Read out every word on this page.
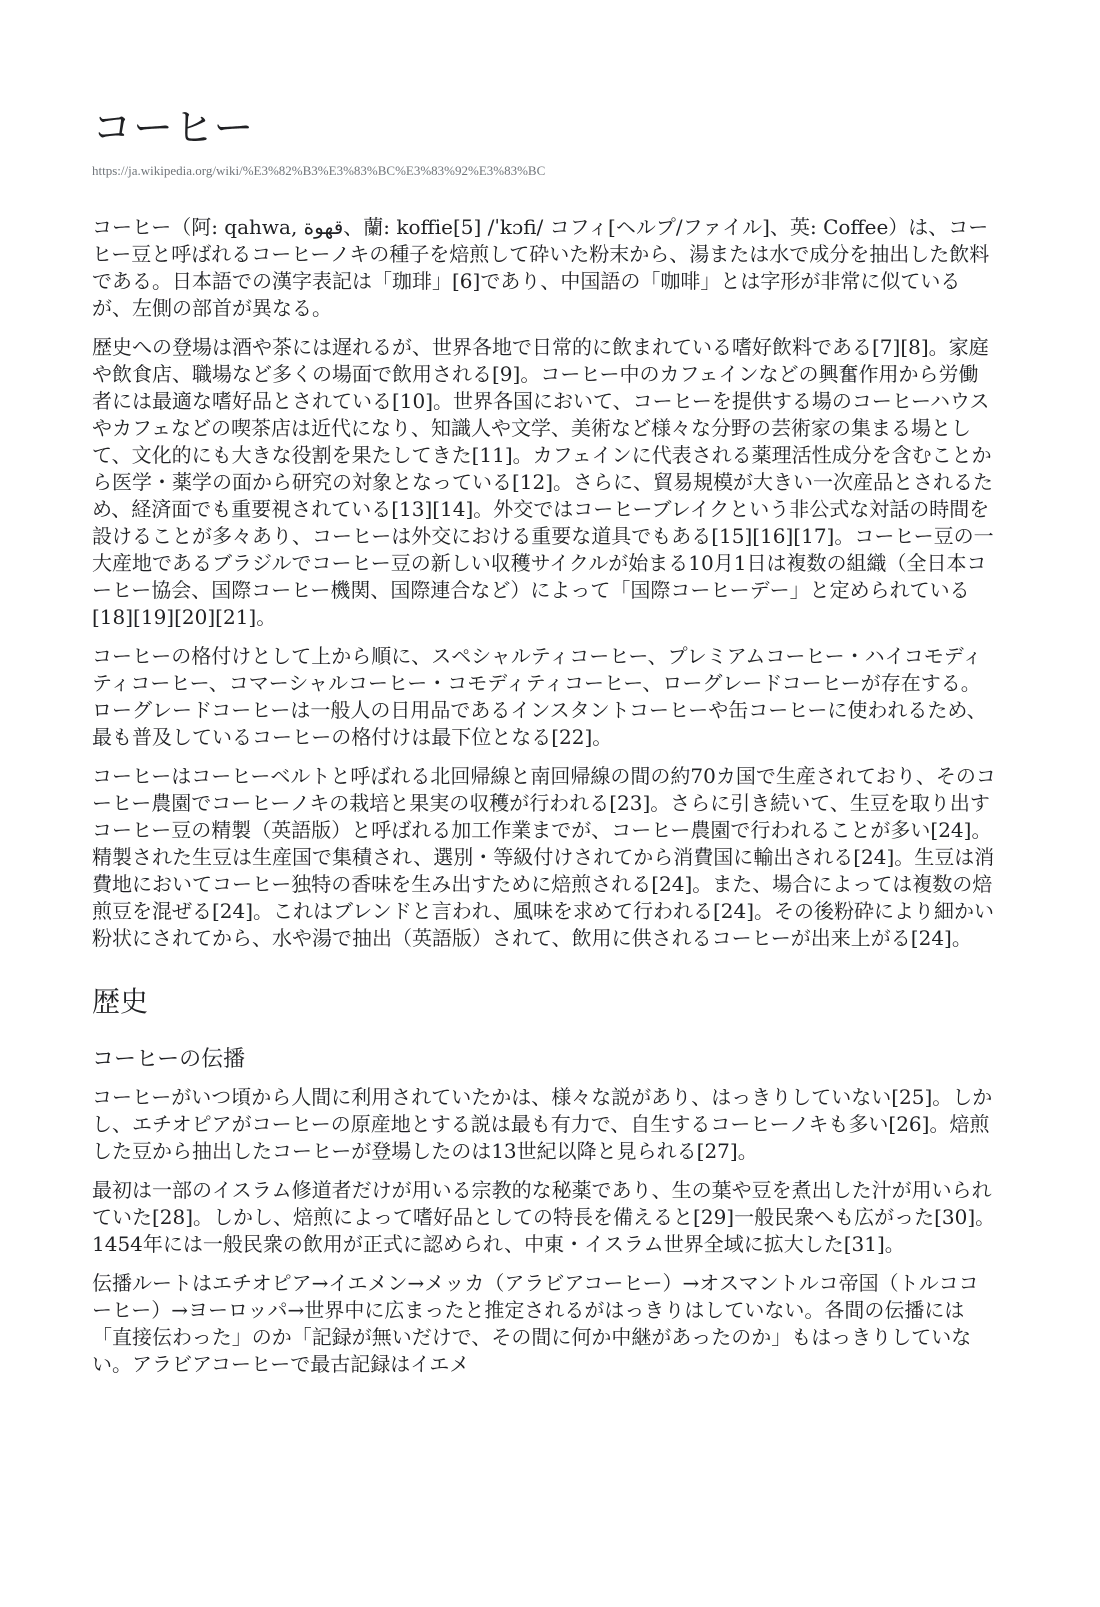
コーヒー
https://ja.wikipedia.org/wiki/%E3%82%B3%E3%83%BC%E3%83%92%E3%83%BC

コーヒー（阿: qahwa, قهوة、蘭: koffie[5] /ˈkɔfi/ コフィ[ヘルプ/ファイル]、英: Coffee）は、コーヒー豆と呼ばれるコーヒーノキの種子を焙煎して砕いた粉末から、湯または水で成分を抽出した飲料である。日本語での漢字表記は「珈琲」[6]であり、中国語の「咖啡」とは字形が非常に似ているが、左側の部首が異なる。

歴史への登場は酒や茶には遅れるが、世界各地で日常的に飲まれている嗜好飲料である[7][8]。家庭や飲食店、職場など多くの場面で飲用される[9]。コーヒー中のカフェインなどの興奮作用から労働者には最適な嗜好品とされている[10]。世界各国において、コーヒーを提供する場のコーヒーハウスやカフェなどの喫茶店は近代になり、知識人や文学、美術など様々な分野の芸術家の集まる場として、文化的にも大きな役割を果たしてきた[11]。カフェインに代表される薬理活性成分を含むことから医学・薬学の面から研究の対象となっている[12]。さらに、貿易規模が大きい一次産品とされるため、経済面でも重要視されている[13][14]。外交ではコーヒーブレイクという非公式な対話の時間を設けることが多々あり、コーヒーは外交における重要な道具でもある[15][16][17]。コーヒー豆の一大産地であるブラジルでコーヒー豆の新しい収穫サイクルが始まる10月1日は複数の組織（全日本コーヒー協会、国際コーヒー機関、国際連合など）によって「国際コーヒーデー」と定められている[18][19][20][21]。

コーヒーの格付けとして上から順に、スペシャルティコーヒー、プレミアムコーヒー・ハイコモディティコーヒー、コマーシャルコーヒー・コモディティコーヒー、ローグレードコーヒーが存在する。ローグレードコーヒーは一般人の日用品であるインスタントコーヒーや缶コーヒーに使われるため、最も普及しているコーヒーの格付けは最下位となる[22]。

コーヒーはコーヒーベルトと呼ばれる北回帰線と南回帰線の間の約70カ国で生産されており、そのコーヒー農園でコーヒーノキの栽培と果実の収穫が行われる[23]。さらに引き続いて、生豆を取り出すコーヒー豆の精製（英語版）と呼ばれる加工作業までが、コーヒー農園で行われることが多い[24]。精製された生豆は生産国で集積され、選別・等級付けされてから消費国に輸出される[24]。生豆は消費地においてコーヒー独特の香味を生み出すために焙煎される[24]。また、場合によっては複数の焙煎豆を混ぜる[24]。これはブレンドと言われ、風味を求めて行われる[24]。その後粉砕により細かい粉状にされてから、水や湯で抽出（英語版）されて、飲用に供されるコーヒーが出来上がる[24]。

歴史
コーヒーの伝播

コーヒーがいつ頃から人間に利用されていたかは、様々な説があり、はっきりしていない[25]。しかし、エチオピアがコーヒーの原産地とする説は最も有力で、自生するコーヒーノキも多い[26]。焙煎した豆から抽出したコーヒーが登場したのは13世紀以降と見られる[27]。

最初は一部のイスラム修道者だけが用いる宗教的な秘薬であり、生の葉や豆を煮出した汁が用いられていた[28]。しかし、焙煎によって嗜好品としての特長を備えると[29]一般民衆へも広がった[30]。1454年には一般民衆の飲用が正式に認められ、中東・イスラム世界全域に拡大した[31]。

伝播ルートはエチオピア→イエメン→メッカ（アラビアコーヒー）→オスマントルコ帝国（トルココーヒー）→ヨーロッパ→世界中に広まったと推定されるがはっきりはしていない。各間の伝播には「直接伝わった」のか「記録が無いだけで、その間に何か中継があったのか」もはっきりしていない。アラビアコーヒーで最古記録はイエメ
